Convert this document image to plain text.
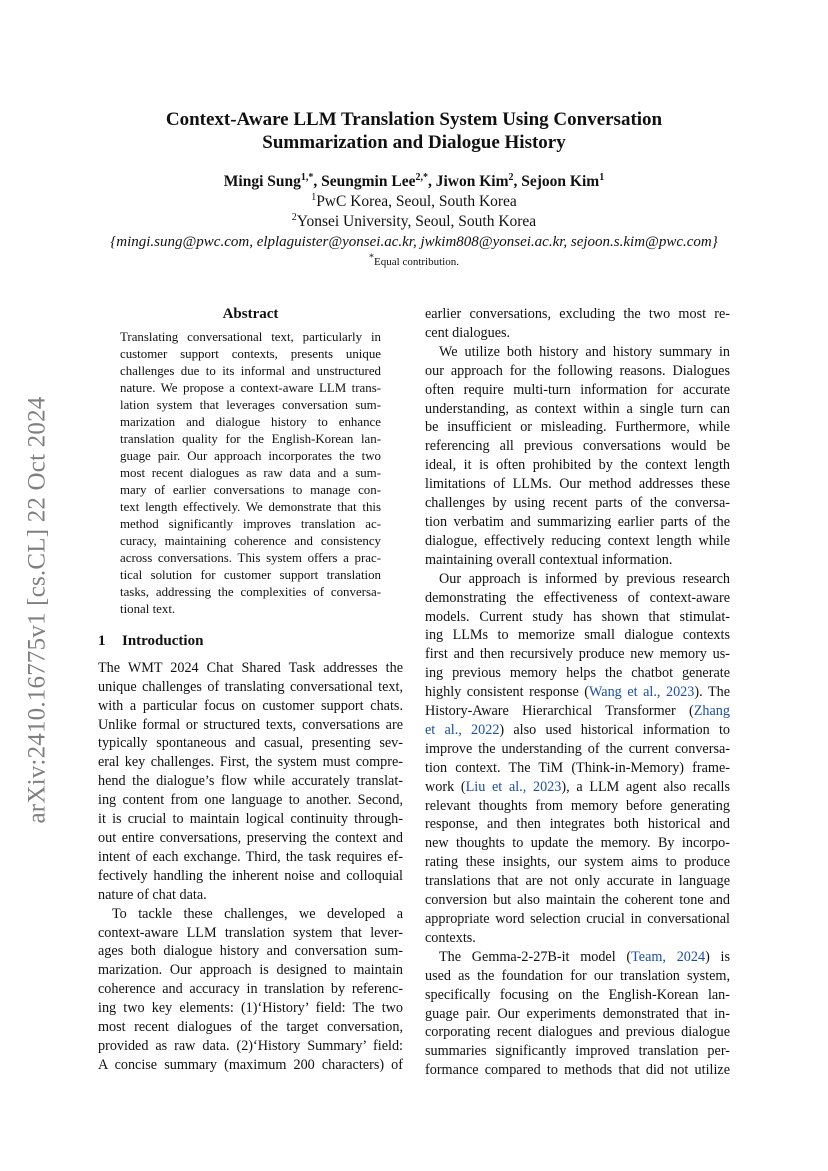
arXiv:2410.16775v1 [cs.CL] 22 Oct 2024
Context-Aware LLM Translation System Using Conversation
Summarization and Dialogue History
Mingi Sung$^{1,*}$, Seungmin Lee$^{2,*}$, Jiwon Kim$^2$, Sejoon Kim$^1$
$^1$PwC Korea, Seoul, South Korea
$^2$Yonsei University, Seoul, South Korea
{mingi.sung@pwc.com, elplaguister@yonsei.ac.kr, jwkim808@yonsei.ac.kr, sejoon.s.kim@pwc.com}
*Equal contribution.
Abstract
Translating conversational text, particularly in
customer support contexts, presents unique
challenges due to its informal and unstructured
nature. We propose a context-aware LLM trans-
lation system that leverages conversation sum-
marization and dialogue history to enhance
translation quality for the English-Korean lan-
guage pair. Our approach incorporates the two
most recent dialogues as raw data and a sum-
mary of earlier conversations to manage con-
text length effectively. We demonstrate that this
method significantly improves translation ac-
curacy, maintaining coherence and consistency
across conversations. This system offers a prac-
tical solution for customer support translation
tasks, addressing the complexities of conversa-
tional text.
1 Introduction

The WMT 2024 Chat Shared Task addresses the
unique challenges of translating conversational text,
with a particular focus on customer support chats.
Unlike formal or structured texts, conversations are
typically spontaneous and casual, presenting sev-
eral key challenges. First, the system must compre-
hend the dialogue’s flow while accurately translat-
ing content from one language to another. Second,
it is crucial to maintain logical continuity through-
out entire conversations, preserving the context and
intent of each exchange. Third, the task requires ef-
fectively handling the inherent noise and colloquial
nature of chat data.

To tackle these challenges, we developed a
context-aware LLM translation system that lever-
ages both dialogue history and conversation sum-
marization. Our approach is designed to maintain
coherence and accuracy in translation by referenc-
ing two key elements: (1)‘History’ field: The two
most recent dialogues of the target conversation,
provided as raw data. (2)‘History Summary’ field:
A concise summary (maximum 200 characters) of

earlier conversations, excluding the two most re-
cent dialogues.

We utilize both history and history summary in
our approach for the following reasons. Dialogues
often require multi-turn information for accurate
understanding, as context within a single turn can
be insufficient or misleading. Furthermore, while
referencing all previous conversations would be
ideal, it is often prohibited by the context length
limitations of LLMs. Our method addresses these
challenges by using recent parts of the conversa-
tion verbatim and summarizing earlier parts of the
dialogue, effectively reducing context length while
maintaining overall contextual information.

Our approach is informed by previous research
demonstrating the effectiveness of context-aware
models. Current study has shown that stimulat-
ing LLMs to memorize small dialogue contexts
first and then recursively produce new memory us-
ing previous memory helps the chatbot generate
highly consistent response (Wang et al., 2023). The
History-Aware Hierarchical Transformer (Zhang
et al., 2022) also used historical information to
improve the understanding of the current conversa-
tion context. The TiM (Think-in-Memory) frame-
work (Liu et al., 2023), a LLM agent also recalls
relevant thoughts from memory before generating
response, and then integrates both historical and
new thoughts to update the memory. By incorpo-
rating these insights, our system aims to produce
translations that are not only accurate in language
conversion but also maintain the coherent tone and
appropriate word selection crucial in conversational
contexts.

The Gemma-2-27B-it model (Team, 2024) is
used as the foundation for our translation system,
specifically focusing on the English-Korean lan-
guage pair. Our experiments demonstrated that in-
corporating recent dialogues and previous dialogue
summaries significantly improved translation per-
formance compared to methods that did not utilize
